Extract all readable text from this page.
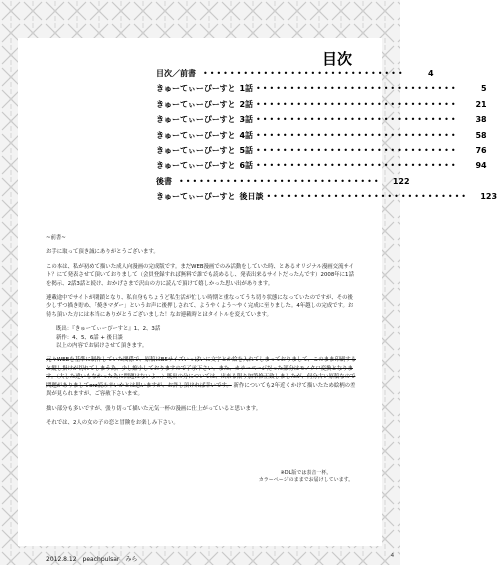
目次
目次／前書 ••••••••••••••••••••••••••••••	4
きゅーてぃーぴーすと 1話 ••••••••••••••••••••••••••••••	5
きゅーてぃーぴーすと 2話 ••••••••••••••••••••••••••••••	21
きゅーてぃーぴーすと 3話 ••••••••••••••••••••••••••••••	38
きゅーてぃーぴーすと 4話 ••••••••••••••••••••••••••••••	58
きゅーてぃーぴーすと 5話 ••••••••••••••••••••••••••••••	76
きゅーてぃーぴーすと 6話 ••••••••••••••••••••••••••••••	94
後書 ••••••••••••••••••••••••••••••	122
きゅーてぃーぴーすと 後日談 ••••••••••••••••••••••••••••••	123

~前書~

お手に取って頂き誠にありがとうございます。

この本は、私が初めて描いた成人向漫画の完成版です。まだWEB漫画でのみ活動をしていた時、とあるオリジナル漫画交流サイト？にて発表させて頂いておりまして（会員登録すれば無料で誰でも読めるし、発表出来るサイトだったんです）2008年に1話を掲示、2話3話と続け、おかげさまで沢山の方に読んで頂けて嬉しかった思い出があります。

連載途中でサイトが閉鎖となり、私自身もちょうど私生活が忙しい時期と重なってうち切り状態になっていたのですが、その後少しずつ描き貯め、「焼きマダー」というお声に後押しされて、ようやくよう～やく完成に至りました。4年越しの完成です。お待ち頂いた方には本当にありがとうございました！なお連載時とはタイトルを変えています。

既出：『きゅーてぃーぴーすと』1、2、3話
新作：4、5、6話 + 後日談
以上の内容でお届けさせて頂きます。

元々WEBを基準に制作していた関係で、原稿はB5サイズいっぱいに文字とか絵を入れてしまっておりまして、このまま印刷すると縦し掛けが切れてしまう為、少し縮小しておりますので了承下さい。また、カラーページだった部分はモノクロ変換となります。（大した違いもなかった為に問題はないよ…）既出の分については、出来る限り加筆修正致しましたが、何分古い原稿なので問題がありましてorz読み辛いかとは思いますが、お許し頂ければ幸いです。 新作についても2年近くかけて描いたため絵柄の差異が見られますが、ご容赦下さいませ。

拙い部分も多いですが、張り切って描いた元気一杯の漫画に仕上がっていると思います。

それでは、2人の女の子の恋と冒険をお楽しみ下さい。

※DL版では表音一杯。
カラーページのままでお届けしています。
2012.8.12　peachpulsar　みら	4
